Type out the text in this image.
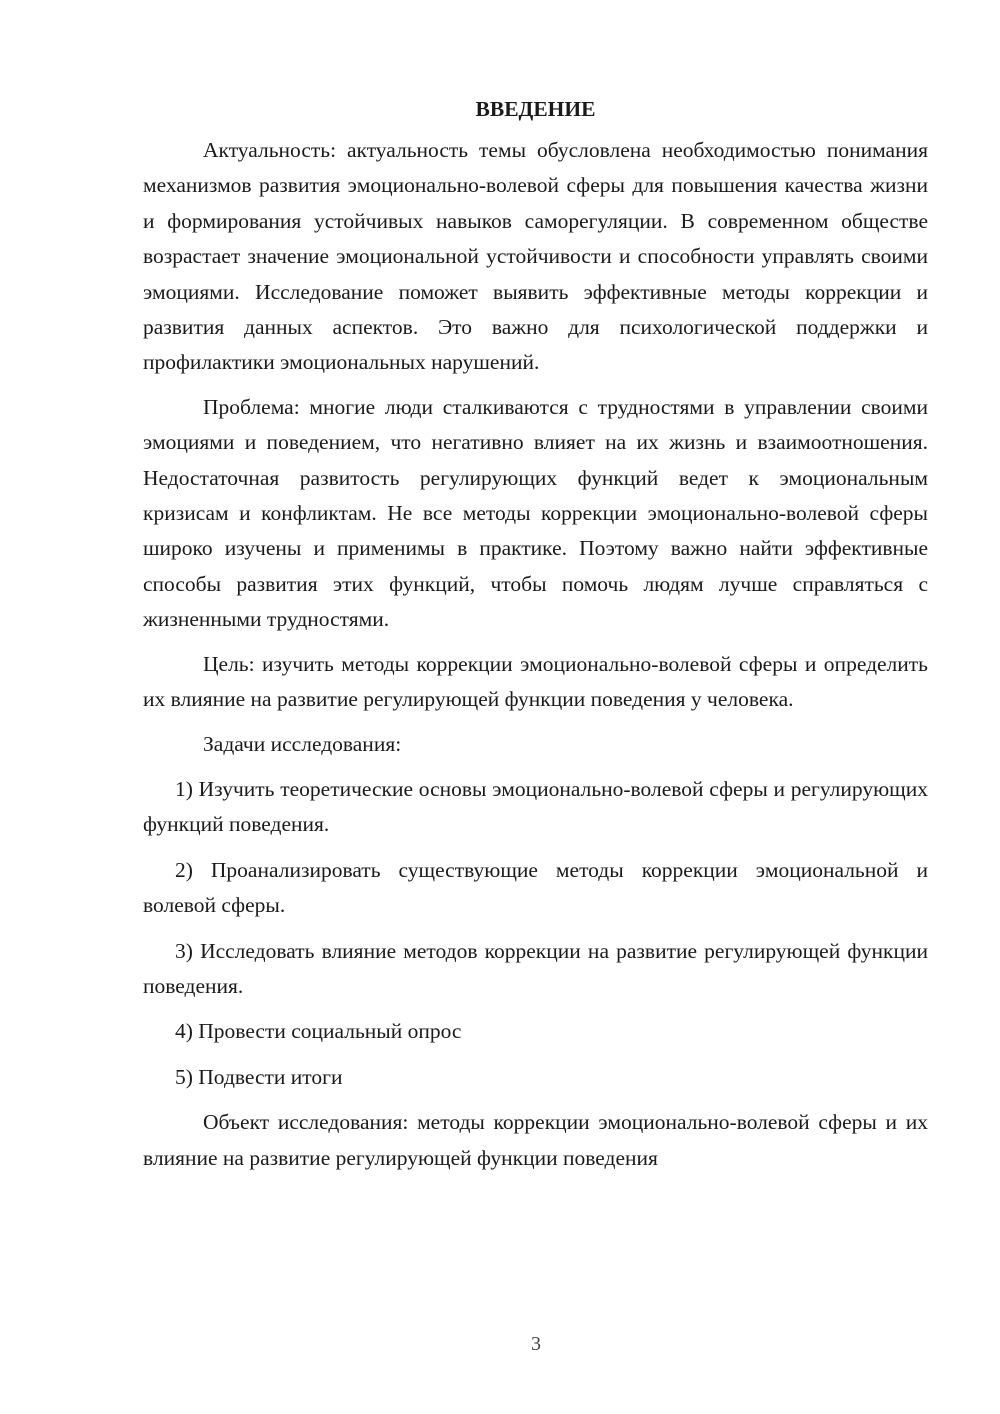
ВВЕДЕНИЕ

Актуальность: актуальность темы обусловлена необходимостью понимания механизмов развития эмоционально-волевой сферы для повышения качества жизни и формирования устойчивых навыков саморегуляции. В современном обществе возрастает значение эмоциональной устойчивости и способности управлять своими эмоциями. Исследование поможет выявить эффективные методы коррекции и развития данных аспектов. Это важно для психологической поддержки и профилактики эмоциональных нарушений.

Проблема: многие люди сталкиваются с трудностями в управлении своими эмоциями и поведением, что негативно влияет на их жизнь и взаимоотношения. Недостаточная развитость регулирующих функций ведет к эмоциональным кризисам и конфликтам. Не все методы коррекции эмоционально-волевой сферы широко изучены и применимы в практике. Поэтому важно найти эффективные способы развития этих функций, чтобы помочь людям лучше справляться с жизненными трудностями.

Цель: изучить методы коррекции эмоционально-волевой сферы и определить их влияние на развитие регулирующей функции поведения у человека.

Задачи исследования:

1) Изучить теоретические основы эмоционально-волевой сферы и регулирующих функций поведения.

2) Проанализировать существующие методы коррекции эмоциональной и волевой сферы.

3) Исследовать влияние методов коррекции на развитие регулирующей функции поведения.

4) Провести социальный опрос

5) Подвести итоги

Объект исследования: методы коррекции эмоционально-волевой сферы и их влияние на развитие регулирующей функции поведения

3
